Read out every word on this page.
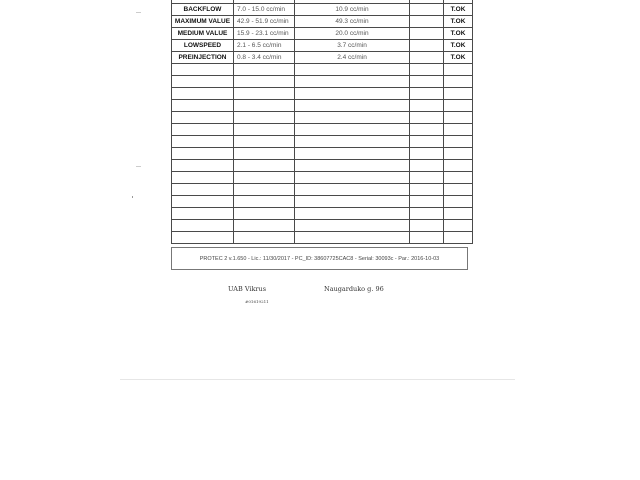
BACKFLOW	7.0 - 15.0 cc/min	10.9 cc/min		T.OK
MAXIMUM VALUE	42.9 - 51.9 cc/min	49.3 cc/min		T.OK
MEDIUM VALUE	15.9 - 23.1 cc/min	20.0 cc/min		T.OK
LOWSPEED	2.1 - 6.5 cc/min	3.7 cc/min		T.OK
PREINJECTION	0.8 - 3.4 cc/min	2.4 cc/min		T.OK

PROTEC 2 v.1.650 - Lic.: 11/30/2017 - PC_ID: 38607725CAC8 - Serial: 30093c - Par.: 2016-10-03
UAB Vikrus	Naugarduko g. 96
#01619211
